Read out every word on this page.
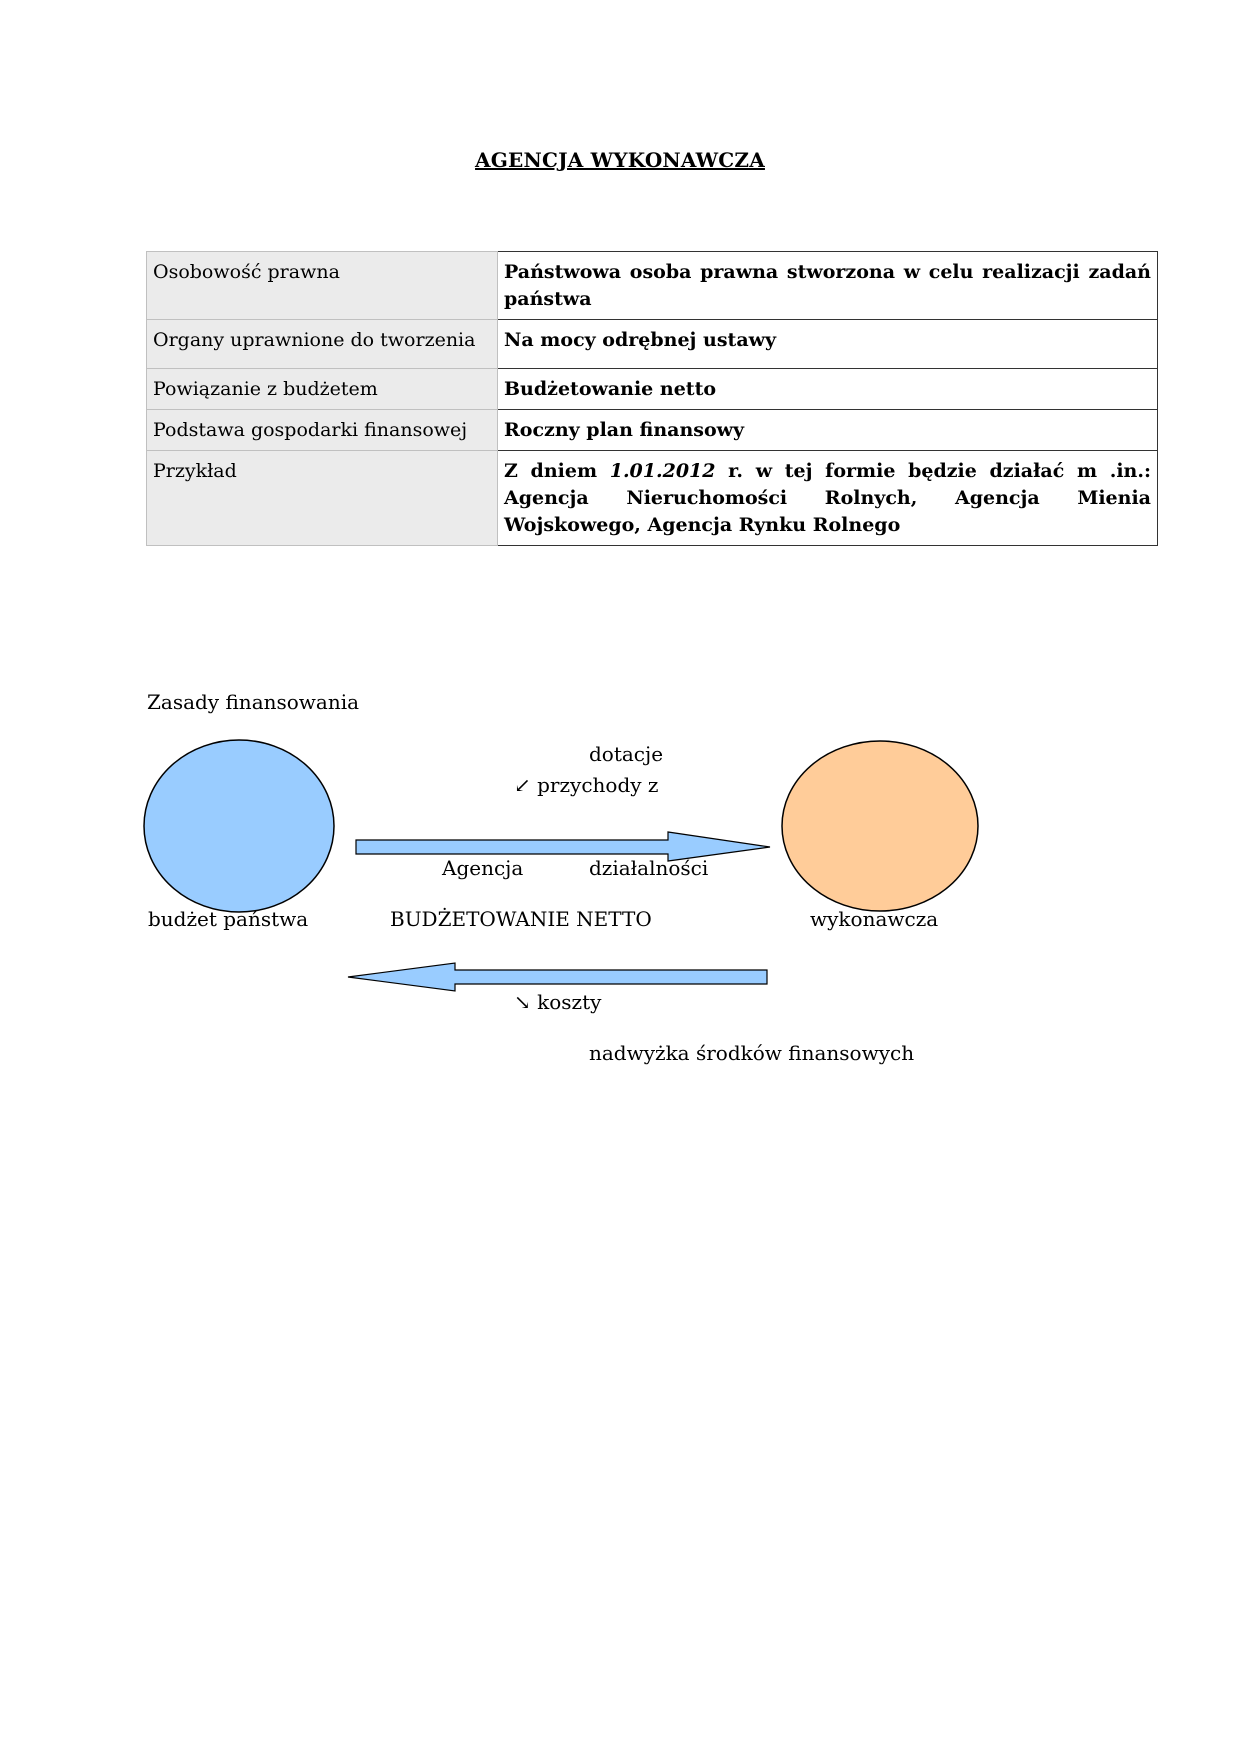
AGENCJA WYKONAWCZA
Osobowość prawna	Państwowa osoba prawna stworzona w celu realizacji zadań państwa
Organy uprawnione do tworzenia	Na mocy odrębnej ustawy
Powiązanie z budżetem	Budżetowanie netto
Podstawa gospodarki finansowej	Roczny plan finansowy
Przykład	Z dniem 1.01.2012 r. w tej formie będzie działać m .in.: Agencja Nieruchomości Rolnych, Agencja Mienia Wojskowego, Agencja Rynku Rolnego
Zasady finansowania
dotacje
↙ przychody z
Agencja	działalności
budżet państwa	BUDŻETOWANIE NETTO	wykonawcza
↘ koszty
nadwyżka środków finansowych
